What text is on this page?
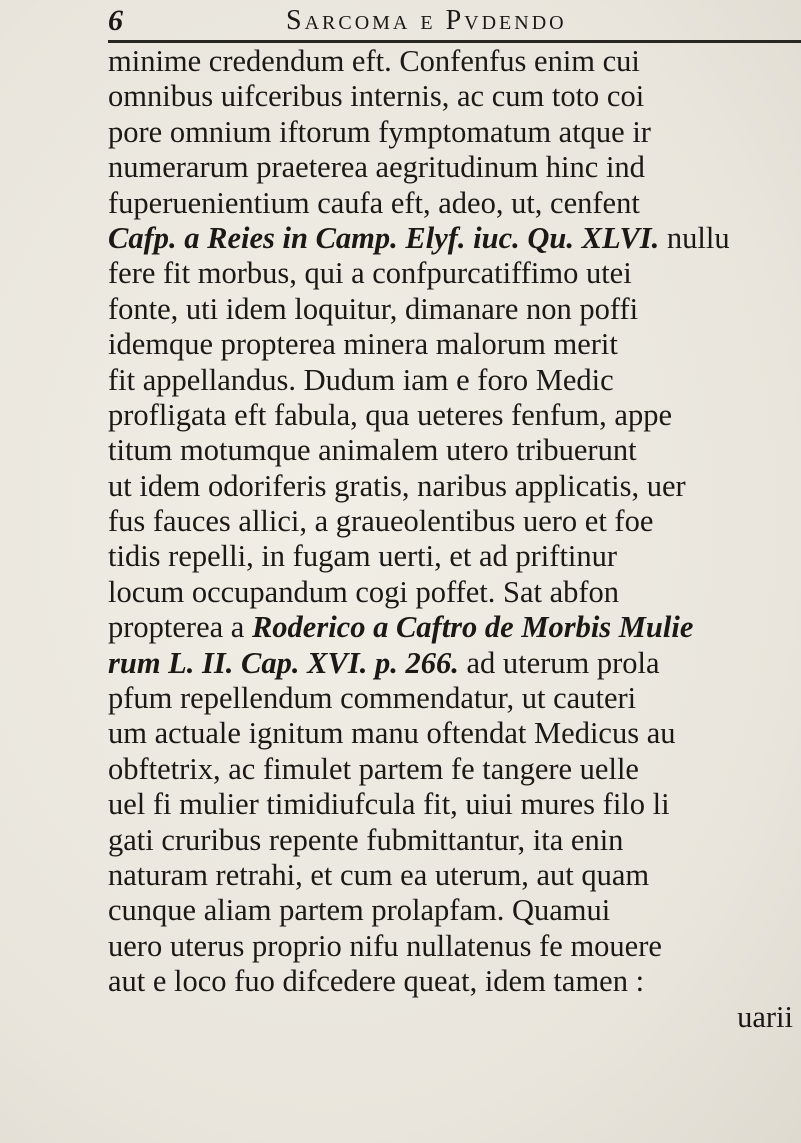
6	Sarcoma e Pvdendo
minime credendum eft. Confenfus enim cui
omnibus uifceribus internis, ac cum toto coi
pore omnium iftorum fymptomatum atque ir
numerarum praeterea aegritudinum hinc ind
fuperuenientium caufa eft, adeo, ut, cenfent
Cafp. a Reies in Camp. Elyf. iuc. Qu. XLVI. nullu
fere fit morbus, qui a confpurcatiffimo utei
fonte, uti idem loquitur, dimanare non poffi
idemque propterea minera malorum merit
fit appellandus. Dudum iam e foro Medic
profligata eft fabula, qua ueteres fenfum, appe
titum motumque animalem utero tribuerunt
ut idem odoriferis gratis, naribus applicatis, uer
fus fauces allici, a graueolentibus uero et foe
tidis repelli, in fugam uerti, et ad priftinur
locum occupandum cogi poffet. Sat abfon
propterea a Roderico a Caftro de Morbis Mulie
rum L. II. Cap. XVI. p. 266. ad uterum prola
pfum repellendum commendatur, ut cauteri
um actuale ignitum manu oftendat Medicus au
obftetrix, ac fimulet partem fe tangere uelle
uel fi mulier timidiufcula fit, uiui mures filo li
gati cruribus repente fubmittantur, ita enin
naturam retrahi, et cum ea uterum, aut quam
cunque aliam partem prolapfam. Quamui
uero uterus proprio nifu nullatenus fe mouere
aut e loco fuo difcedere queat, idem tamen :
uarii
